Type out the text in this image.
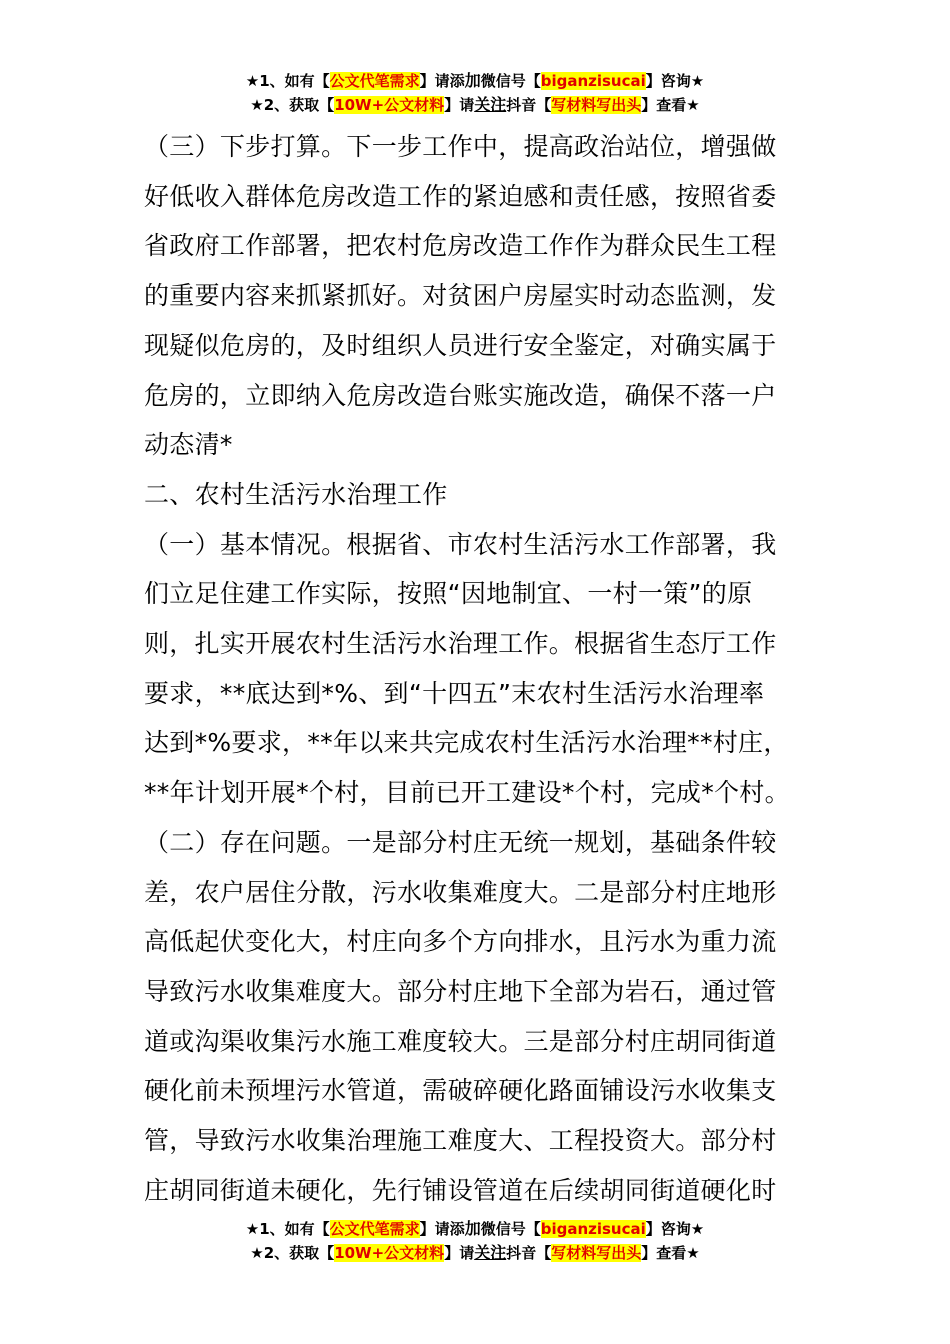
★1、如有【公文代笔需求】请添加微信号【biganzisucai】咨询★
★2、获取【10W+公文材料】请关注抖音【写材料写出头】查看★

（三）下步打算。下一步工作中，提高政治站位，增强做

好低收入群体危房改造工作的紧迫感和责任感，按照省委

省政府工作部署，把农村危房改造工作作为群众民生工程

的重要内容来抓紧抓好。对贫困户房屋实时动态监测，发

现疑似危房的，及时组织人员进行安全鉴定，对确实属于

危房的，立即纳入危房改造台账实施改造，确保不落一户

动态清*

二、农村生活污水治理工作

（一）基本情况。根据省、市农村生活污水工作部署，我

们立足住建工作实际，按照“因地制宜、一村一策”的原

则，扎实开展农村生活污水治理工作。根据省生态厅工作

要求，**底达到*%、到“十四五”末农村生活污水治理率

达到*%要求，**年以来共完成农村生活污水治理**村庄，

**年计划开展*个村，目前已开工建设*个村，完成*个村。

（二）存在问题。一是部分村庄无统一规划，基础条件较

差，农户居住分散，污水收集难度大。二是部分村庄地形

高低起伏变化大，村庄向多个方向排水，且污水为重力流

导致污水收集难度大。部分村庄地下全部为岩石，通过管

道或沟渠收集污水施工难度较大。三是部分村庄胡同街道

硬化前未预埋污水管道，需破碎硬化路面铺设污水收集支

管，导致污水收集治理施工难度大、工程投资大。部分村

庄胡同街道未硬化，先行铺设管道在后续胡同街道硬化时

★1、如有【公文代笔需求】请添加微信号【biganzisucai】咨询★
★2、获取【10W+公文材料】请关注抖音【写材料写出头】查看★
